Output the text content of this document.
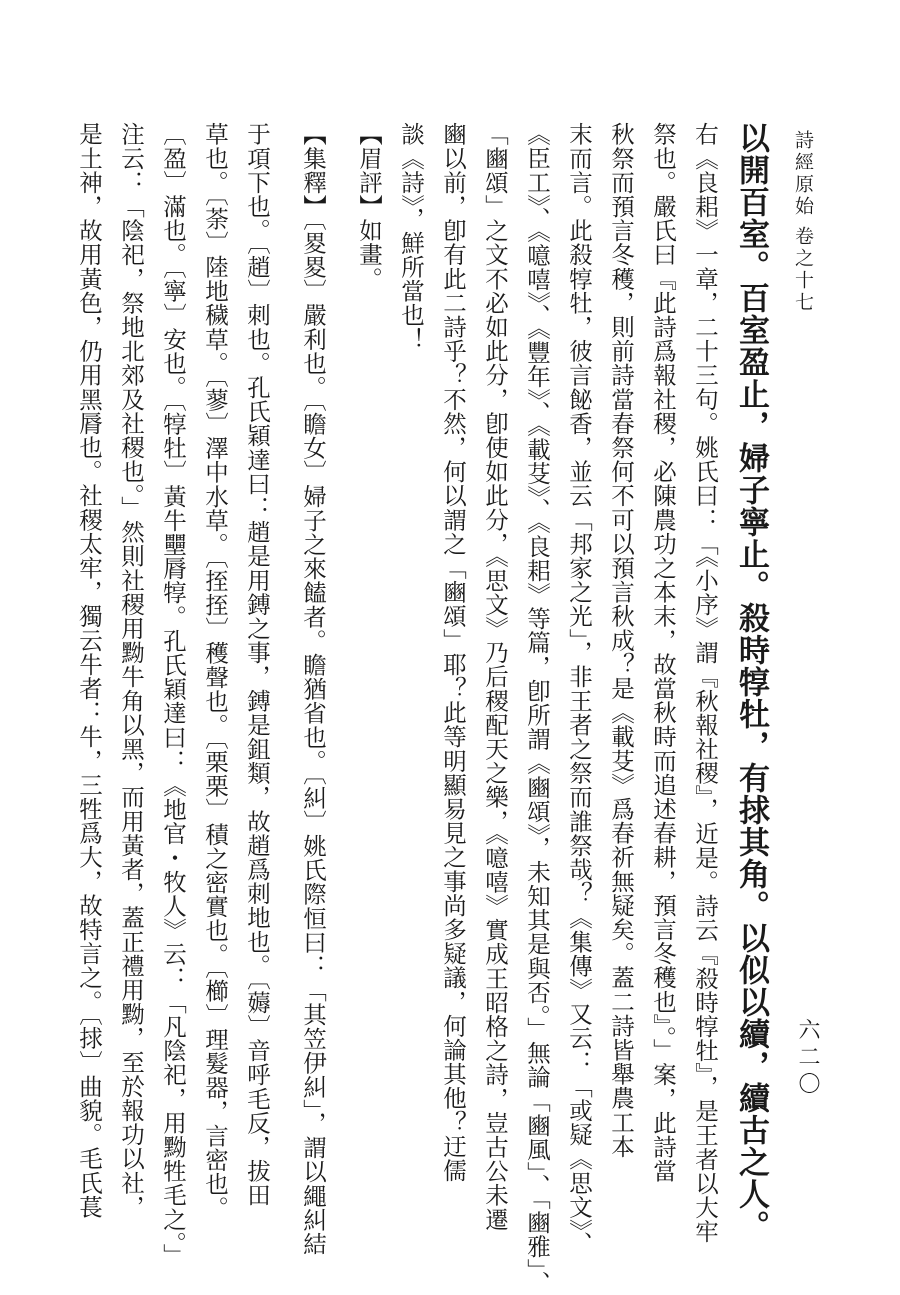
詩經原始
卷之十七
六二〇
以開百室。百室盈止，婦子寧止。殺時犉牡，有捄其角。以似以續，續古之人。
右《良耜》一章，二十三句。姚氏曰：「《小序》謂『秋報社稷』，近是。詩云『殺時犉牡』，是王者以大牢
祭也。嚴氏曰『此詩爲報社稷，必陳農功之本末，故當秋時而追述春耕，預言冬穫也』。」案，此詩當
秋祭而預言冬穫，則前詩當春祭何不可以預言秋成？是《載芟》爲春祈無疑矣。蓋二詩皆舉農工本
末而言。此殺犉牡，彼言飶香，並云「邦家之光」，非王者之祭而誰祭哉？《集傳》又云：「或疑《思文》、
《臣工》、《噫嘻》、《豐年》、《載芟》、《良耜》等篇，卽所謂《豳頌》，未知其是與否。」無論「豳風」、「豳雅」、
「豳頌」之文不必如此分，卽使如此分，《思文》乃后稷配天之樂，《噫嘻》實成王昭格之詩，豈古公未遷
豳以前，卽有此二詩乎？不然，何以謂之「豳頌」耶？此等明顯易見之事尚多疑議，何論其他？迂儒
談《詩》，鮮所當也！
【眉評】如畫。
【集釋】〔畟畟〕嚴利也。〔瞻女〕婦子之來饁者。瞻猶省也。〔糾〕姚氏際恒曰：「其笠伊糾」，謂以繩糾結
于項下也。〔趙〕刺也。孔氏穎達曰：趙是用鎛之事，鎛是鉏類，故趙爲刺地也。〔薅〕音呼毛反，拔田
草也。〔荼〕陸地穢草。〔蓼〕澤中水草。〔挃挃〕穫聲也。〔栗栗〕積之密實也。〔櫛〕理髮器，言密也。
〔盈〕滿也。〔寧〕安也。〔犉牡〕黃牛壨脣犉。孔氏穎達曰：《地官・牧人》云：「凡陰祀，用黝牲毛之。」
注云：「陰祀，祭地北郊及社稷也。」然則社稷用黝牛角以黑，而用黃者，蓋正禮用黝，至於報功以社，
是土神，故用黃色，仍用黑脣也。社稷太牢，獨云牛者：牛，三牲爲大，故特言之。〔捄〕曲貌。毛氏萇
